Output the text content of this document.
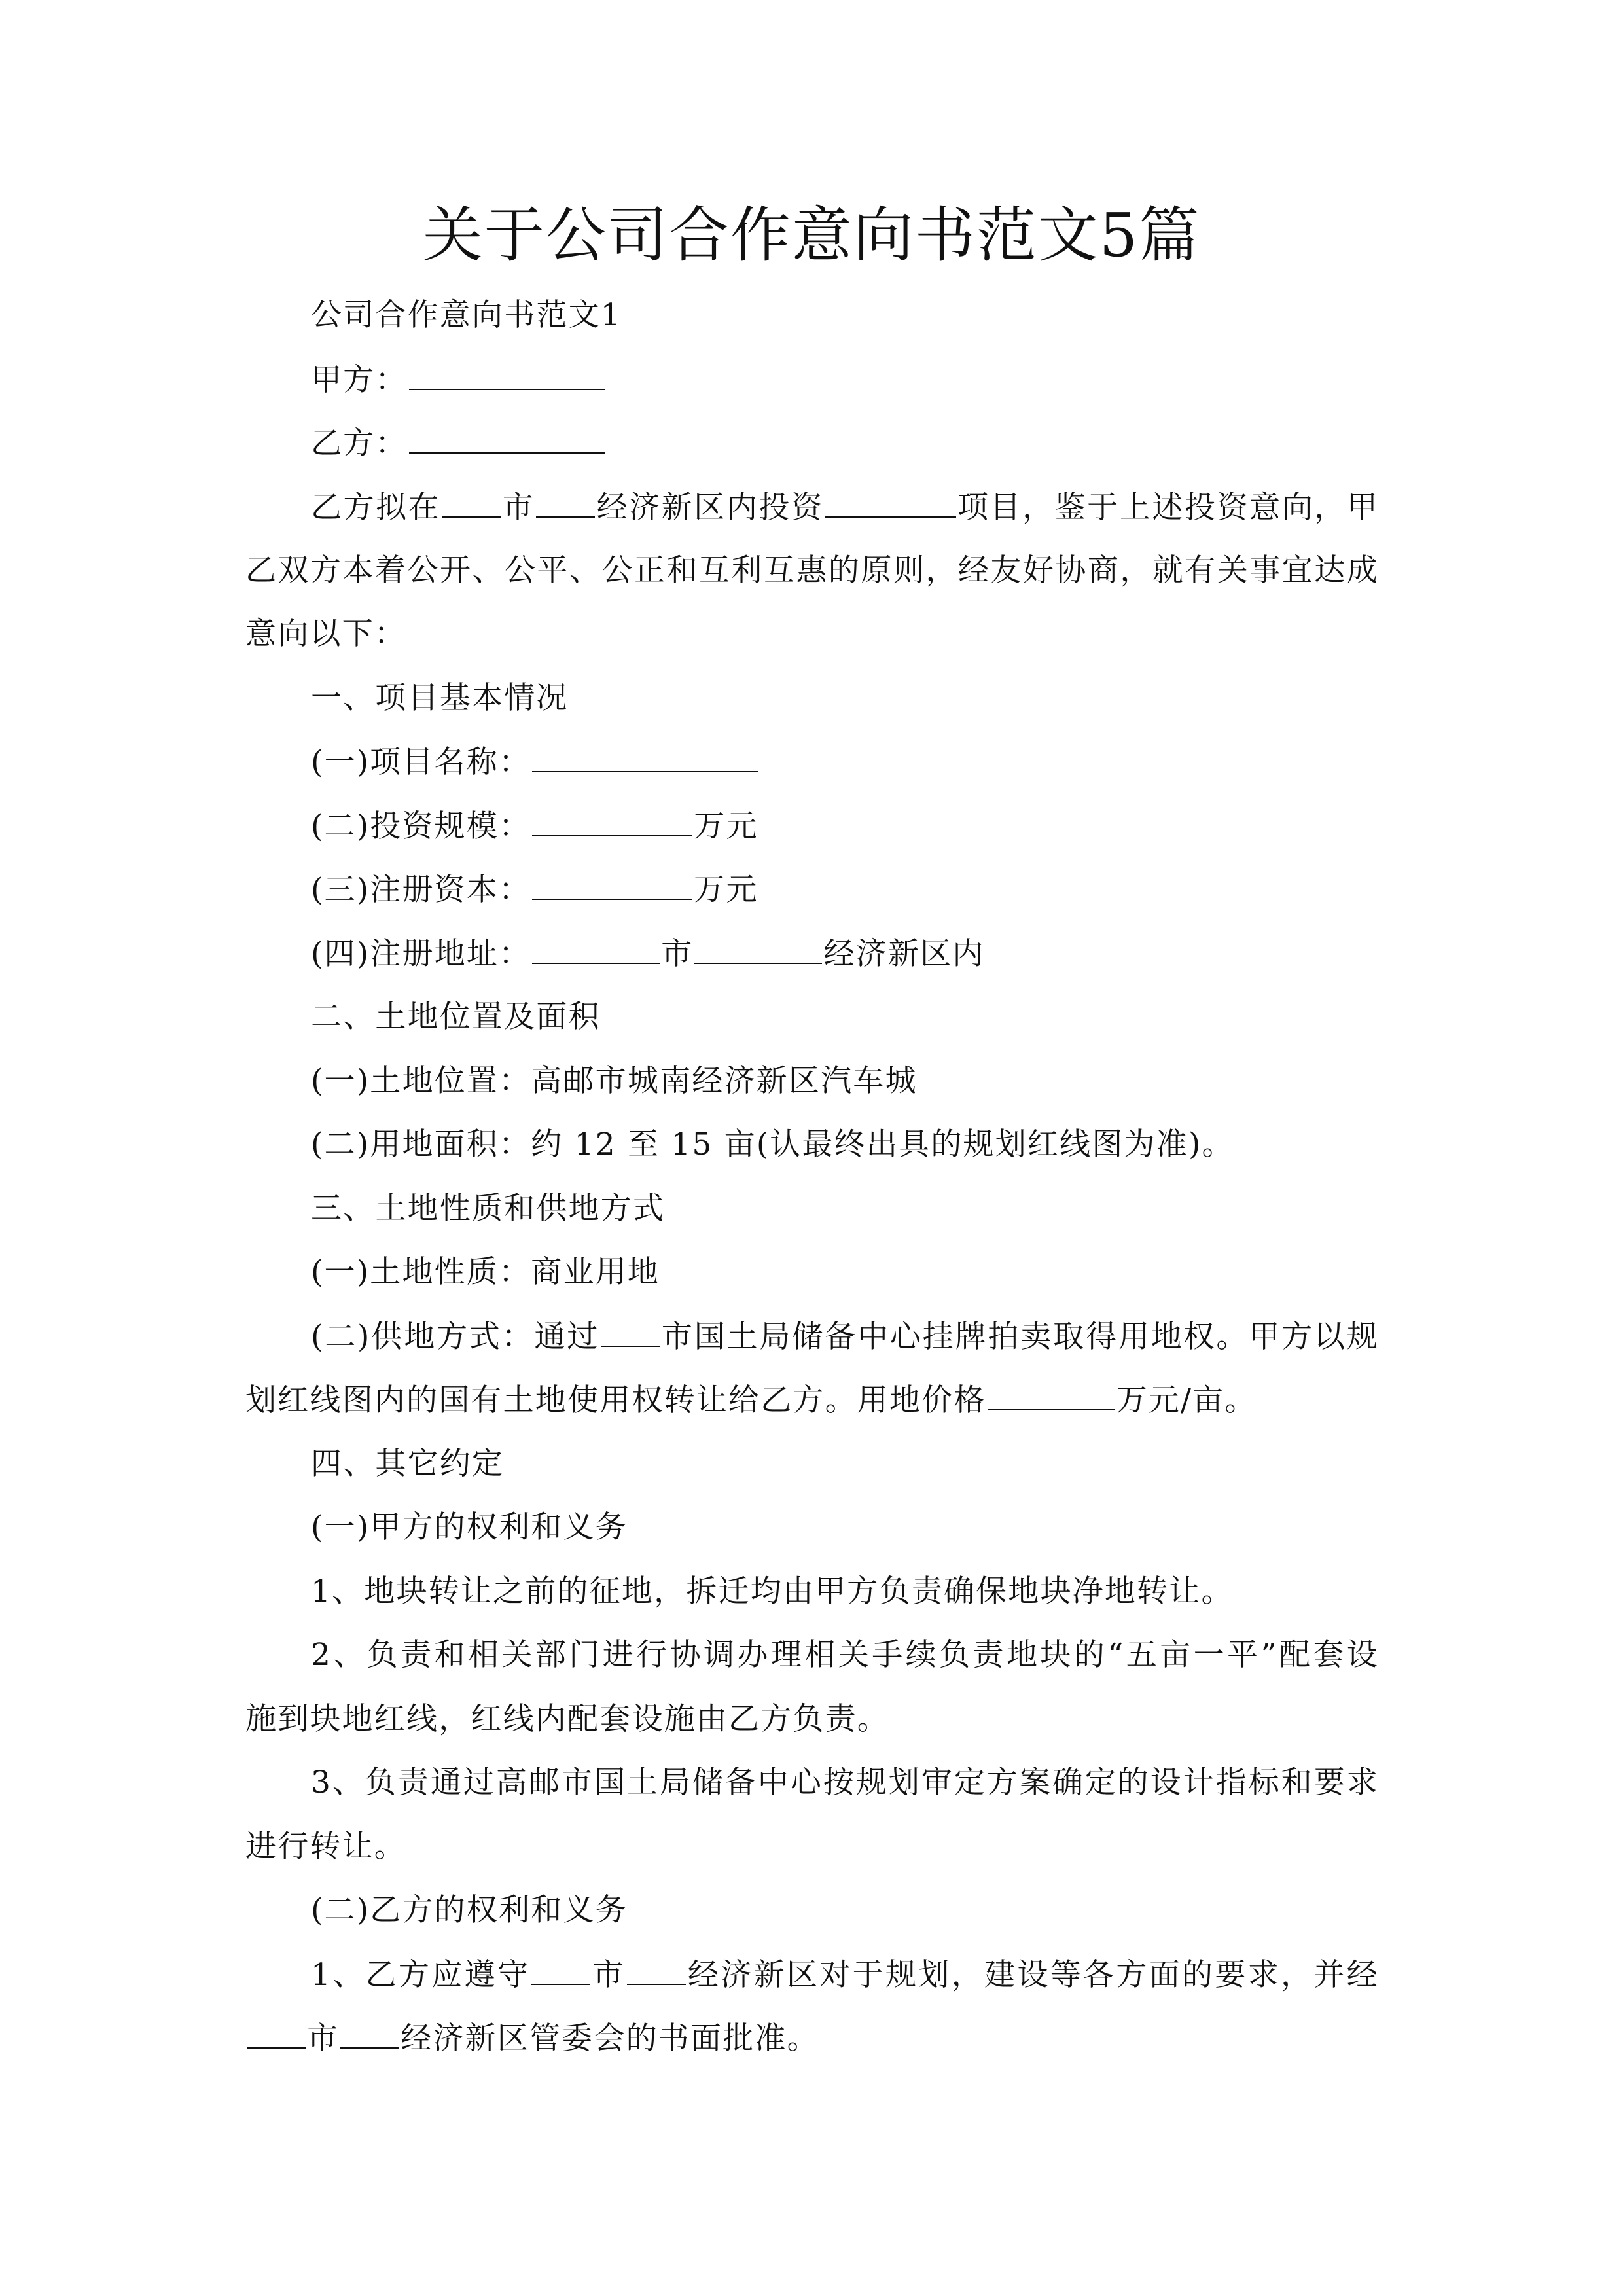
关于公司合作意向书范文5篇
公司合作意向书范文1
甲方：
乙方：
乙方拟在 市 经济新区内投资	项目，鉴于上述投资意向，甲
乙双方本着公开、公平、公正和互利互惠的原则，经友好协商，就有关事宜达成
意向以下：
一、项目基本情况
(一)项目名称：
(二)投资规模：	万元
(三)注册资本：	万元
(四)注册地址：	市	经济新区内
二、土地位置及面积
(一)土地位置：高邮市城南经济新区汽车城
(二)用地面积：约 12 至 15 亩(认最终出具的规划红线图为准)。
三、土地性质和供地方式
(一)土地性质：商业用地
(二)供地方式：通过 市国土局储备中心挂牌拍卖取得用地权。甲方以规
划红线图内的国有土地使用权转让给乙方。用地价格	万元/亩。
四、其它约定
(一)甲方的权利和义务
1、地块转让之前的征地，拆迁均由甲方负责确保地块净地转让。
2、负责和相关部门进行协调办理相关手续负责地块的“五亩一平”配套设
施到块地红线，红线内配套设施由乙方负责。
3、负责通过高邮市国土局储备中心按规划审定方案确定的设计指标和要求
进行转让。
(二)乙方的权利和义务
1、乙方应遵守 市 经济新区对于规划，建设等各方面的要求，并经
市 经济新区管委会的书面批准。
